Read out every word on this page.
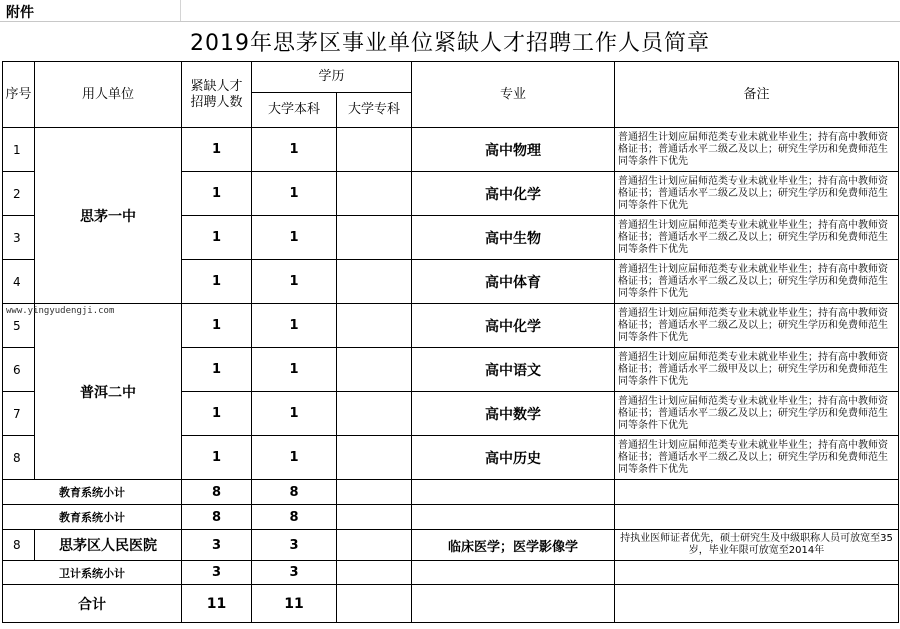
附件
2019年思茅区事业单位紧缺人才招聘工作人员简章
序号	用人单位	紧缺人才招聘人数	学历		专业	备注
			大学本科	大学专科		
1	思茅一中	1	1		高中物理	普通招生计划应届师范类专业未就业毕业生；持有高中教师资格证书；普通话水平二级乙及以上；研究生学历和免费师范生同等条件下优先
2		1	1		高中化学	普通招生计划应届师范类专业未就业毕业生；持有高中教师资格证书；普通话水平二级乙及以上；研究生学历和免费师范生同等条件下优先
3		1	1		高中生物	普通招生计划应届师范类专业未就业毕业生；持有高中教师资格证书；普通话水平二级乙及以上；研究生学历和免费师范生同等条件下优先
4		1	1		高中体育	普通招生计划应届师范类专业未就业毕业生；持有高中教师资格证书；普通话水平二级乙及以上；研究生学历和免费师范生同等条件下优先
5	普洱二中	1	1		高中化学	普通招生计划应届师范类专业未就业毕业生；持有高中教师资格证书；普通话水平二级乙及以上；研究生学历和免费师范生同等条件下优先
6		1	1		高中语文	普通招生计划应届师范类专业未就业毕业生；持有高中教师资格证书；普通话水平二级甲及以上；研究生学历和免费师范生同等条件下优先
7		1	1		高中数学	普通招生计划应届师范类专业未就业毕业生；持有高中教师资格证书；普通话水平二级乙及以上；研究生学历和免费师范生同等条件下优先
8		1	1		高中历史	普通招生计划应届师范类专业未就业毕业生；持有高中教师资格证书；普通话水平二级乙及以上；研究生学历和免费师范生同等条件下优先
教育系统小计		8	8			
教育系统小计		8	8			
8	思茅区人民医院	3	3		临床医学；医学影像学	持执业医师证者优先，硕士研究生及中级职称人员可放宽至35岁，毕业年限可放宽至2014年
卫计系统小计		3	3			
合计		11	11			
www.yingyudengji.com
